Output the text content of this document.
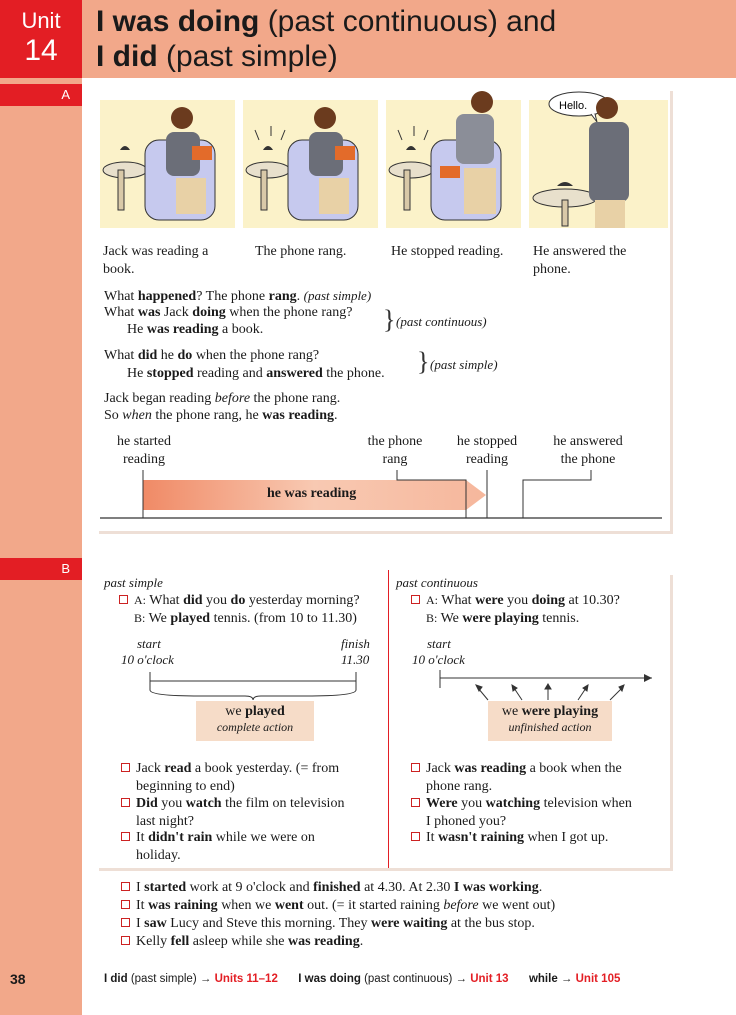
Unit
14
I was doing (past continuous) and
I did (past simple)
A
Hello.
Jack was reading a book.
The phone rang.	He stopped reading.	He answered the phone.
What happened? The phone rang. (past simple)
What was Jack doing when the phone rang?
He was reading a book.	} (past continuous)
What did he do when the phone rang?
He stopped reading and answered the phone. } (past simple)
Jack began reading before the phone rang.
So when the phone rang, he was reading.
he started
reading
the phone
rang
he stopped
reading
he answered
the phone
he was reading
B
past simple
A: What did you do yesterday morning?
B: We played tennis. (from 10 to 11.30)
start
10 o'clock
finish
11.30
we played
complete action
Jack read a book yesterday. (= from
beginning to end)
Did you watch the film on television
last night?
It didn't rain while we were on
holiday.
past continuous
A: What were you doing at 10.30?
B: We were playing tennis.
start
10 o'clock
we were playing
unfinished action
Jack was reading a book when the
phone rang.
Were you watching television when
I phoned you?
It wasn't raining when I got up.
I started work at 9 o'clock and finished at 4.30. At 2.30 I was working.
It was raining when we went out. (= it started raining before we went out)
I saw Lucy and Steve this morning. They were waiting at the bus stop.
Kelly fell asleep while she was reading.
38	I did (past simple) → Units 11–12 I was doing (past continuous) → Unit 13 while → Unit 105
